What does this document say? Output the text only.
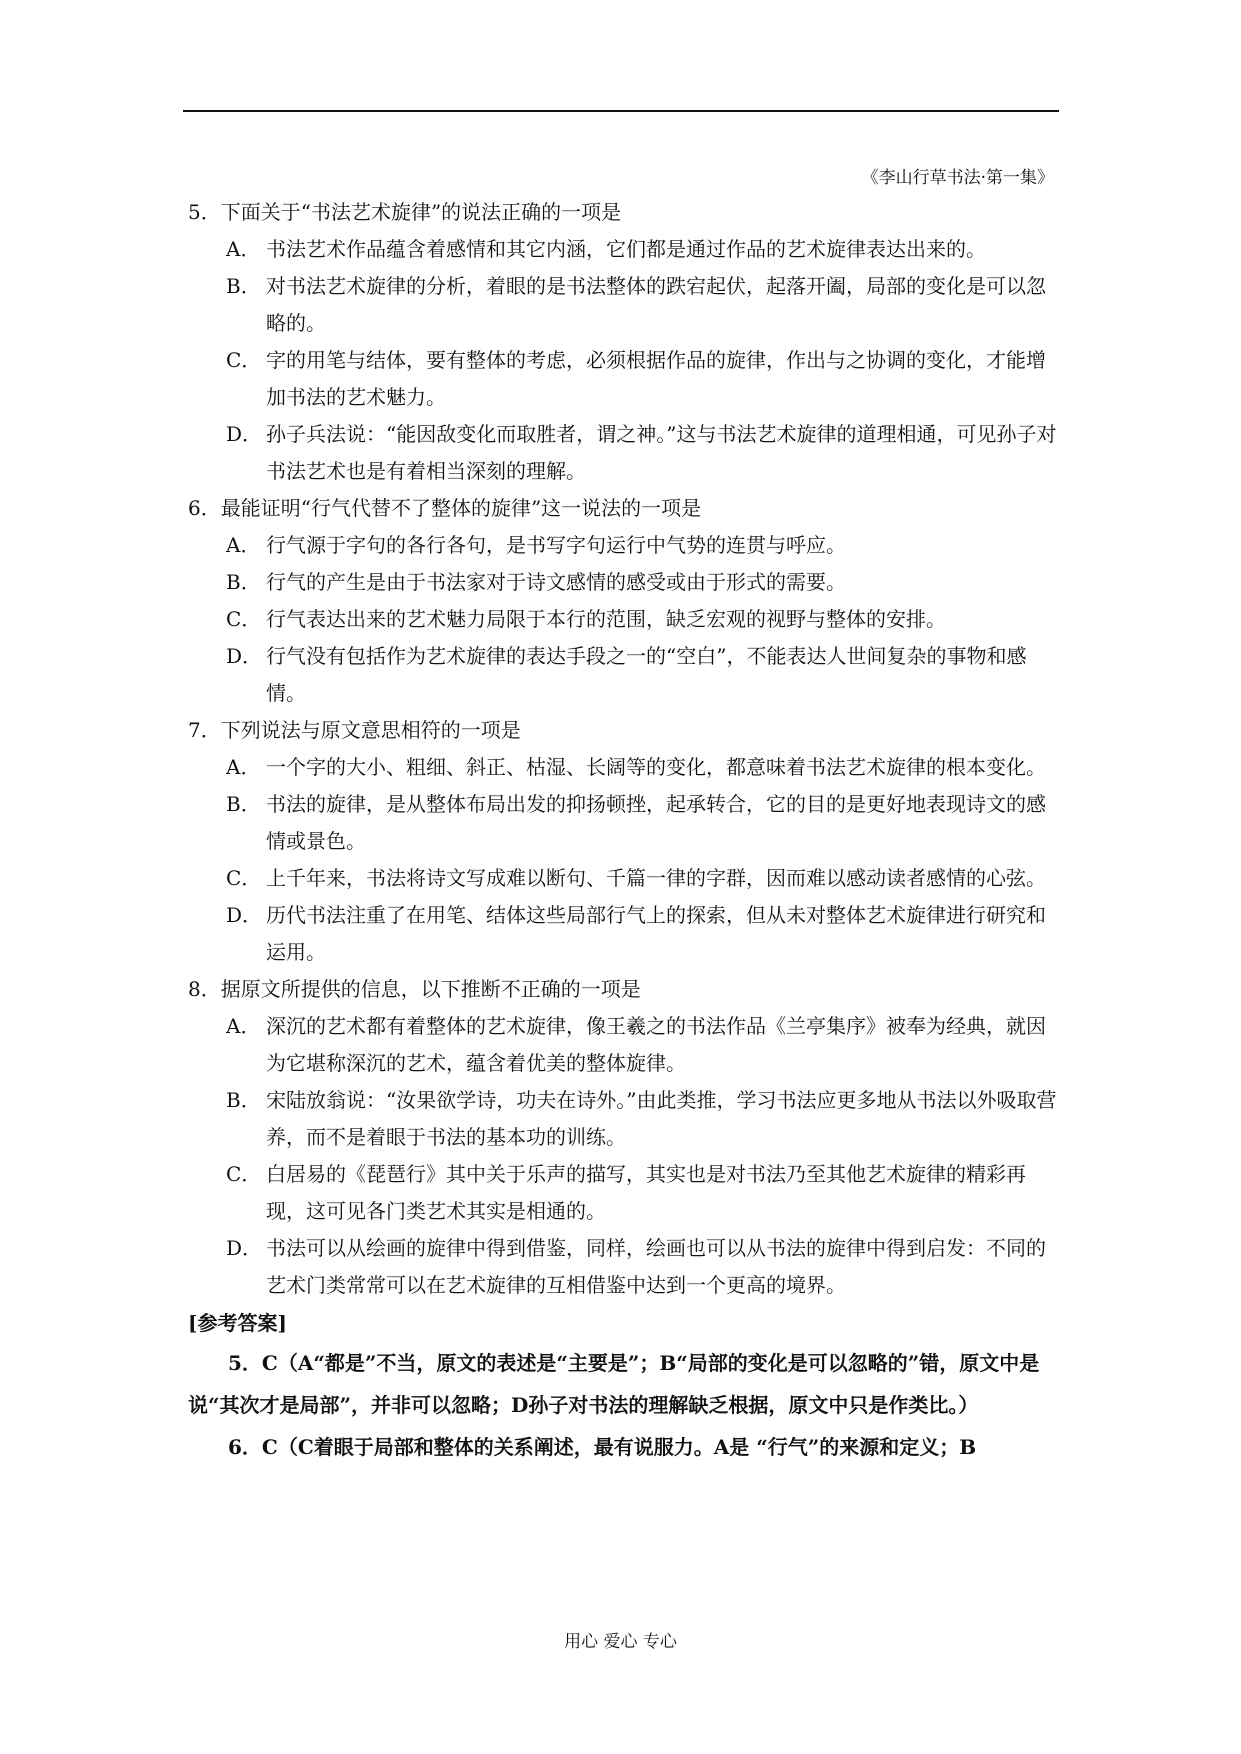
《李山行草书法·第一集》

5．下面关于“书法艺术旋律”的说法正确的一项是

A． 书法艺术作品蕴含着感情和其它内涵，它们都是通过作品的艺术旋律表达出来的。

B． 对书法艺术旋律的分析，着眼的是书法整体的跌宕起伏，起落开阖，局部的变化是可以忽略的。

C． 字的用笔与结体，要有整体的考虑，必须根据作品的旋律，作出与之协调的变化，才能增加书法的艺术魅力。

D． 孙子兵法说：“能因敌变化而取胜者，谓之神。”这与书法艺术旋律的道理相通，可见孙子对书法艺术也是有着相当深刻的理解。

6．最能证明“行气代替不了整体的旋律”这一说法的一项是

A． 行气源于字句的各行各句，是书写字句运行中气势的连贯与呼应。

B． 行气的产生是由于书法家对于诗文感情的感受或由于形式的需要。

C． 行气表达出来的艺术魅力局限于本行的范围，缺乏宏观的视野与整体的安排。

D． 行气没有包括作为艺术旋律的表达手段之一的“空白”，不能表达人世间复杂的事物和感情。

7．下列说法与原文意思相符的一项是

A． 一个字的大小、粗细、斜正、枯湿、长阔等的变化，都意味着书法艺术旋律的根本变化。

B． 书法的旋律，是从整体布局出发的抑扬顿挫，起承转合，它的目的是更好地表现诗文的感情或景色。

C． 上千年来，书法将诗文写成难以断句、千篇一律的字群，因而难以感动读者感情的心弦。

D． 历代书法注重了在用笔、结体这些局部行气上的探索，但从未对整体艺术旋律进行研究和运用。

8．据原文所提供的信息，以下推断不正确的一项是

A． 深沉的艺术都有着整体的艺术旋律，像王羲之的书法作品《兰亭集序》被奉为经典，就因为它堪称深沉的艺术，蕴含着优美的整体旋律。

B． 宋陆放翁说：“汝果欲学诗，功夫在诗外。”由此类推，学习书法应更多地从书法以外吸取营养，而不是着眼于书法的基本功的训练。

C． 白居易的《琵琶行》其中关于乐声的描写，其实也是对书法乃至其他艺术旋律的精彩再现，这可见各门类艺术其实是相通的。

D． 书法可以从绘画的旋律中得到借鉴，同样，绘画也可以从书法的旋律中得到启发：不同的艺术门类常常可以在艺术旋律的互相借鉴中达到一个更高的境界。

[参考答案]

5．C（A“都是”不当，原文的表述是“主要是”；B“局部的变化是可以忽略的”错，原文中是说“其次才是局部”，并非可以忽略；D孙子对书法的理解缺乏根据，原文中只是作类比。）

6．C（C着眼于局部和整体的关系阐述，最有说服力。A是 “行气”的来源和定义；B

用心 爱心 专心
